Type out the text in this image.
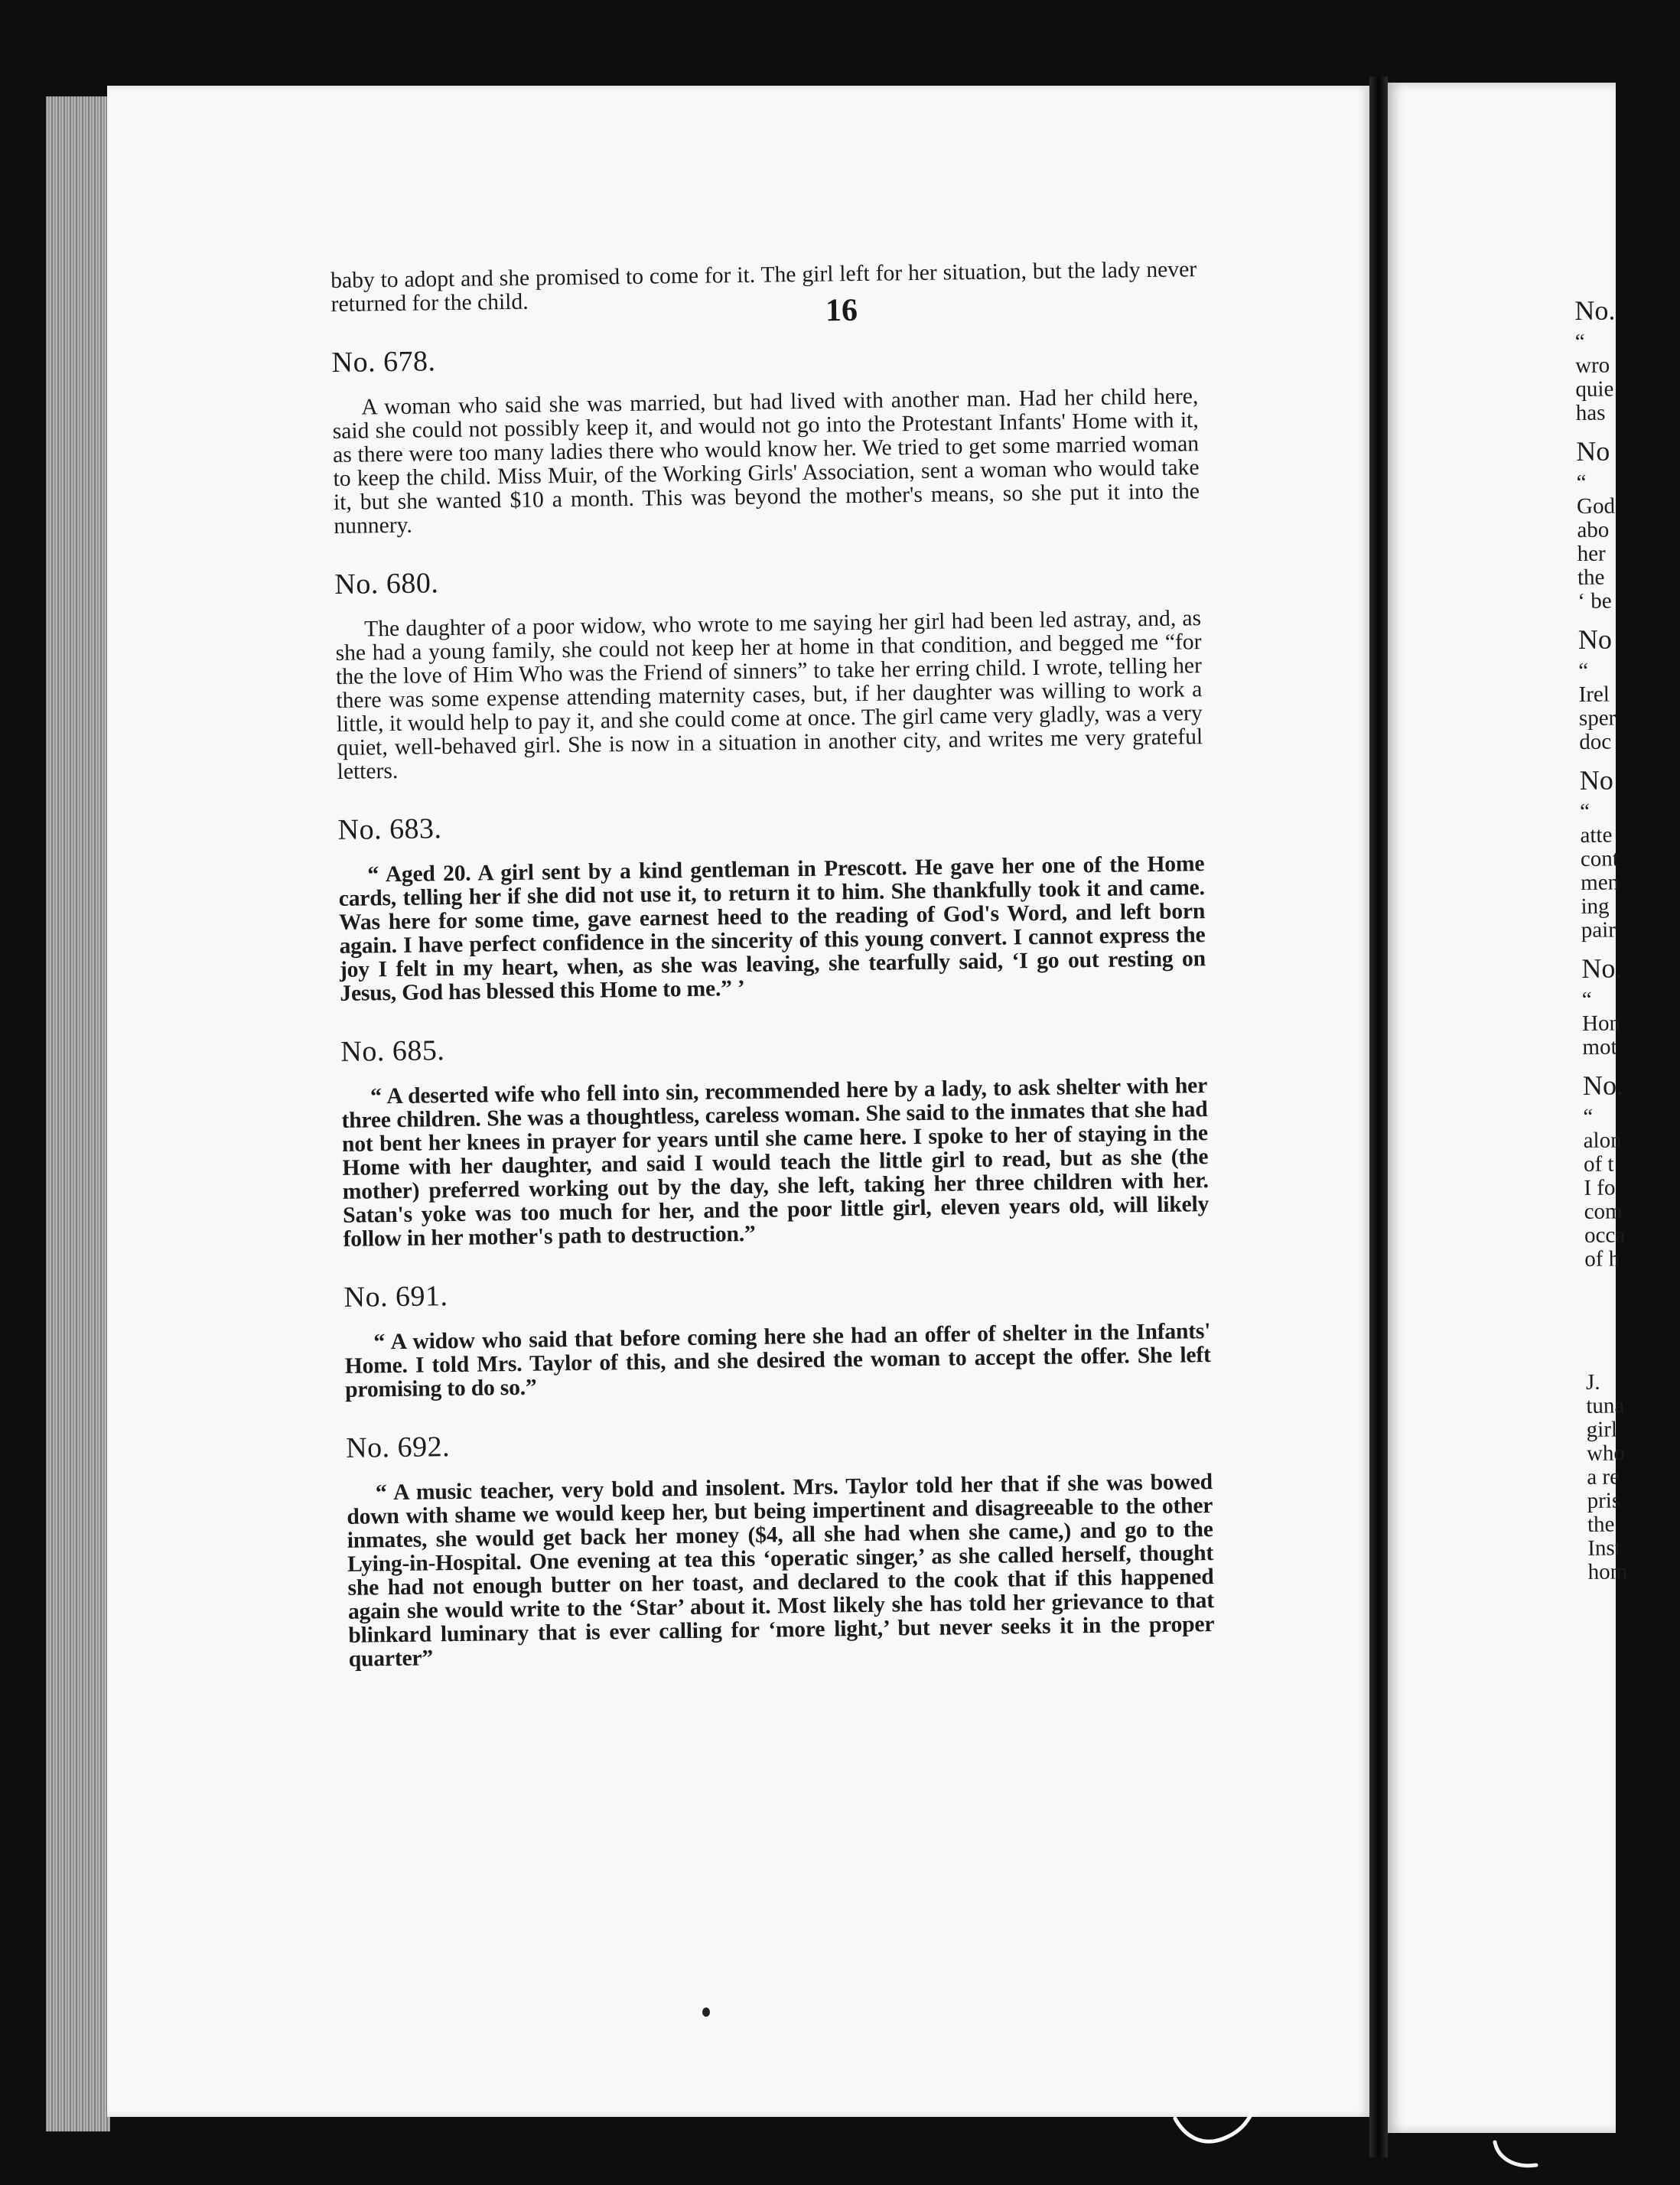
16

baby to adopt and she promised to come for it. The girl left for her situation, but the lady never returned for the child.

No. 678.

A woman who said she was married, but had lived with another man. Had her child here, said she could not possibly keep it, and would not go into the Protestant Infants' Home with it, as there were too many ladies there who would know her. We tried to get some married woman to keep the child. Miss Muir, of the Working Girls' Association, sent a woman who would take it, but she wanted $10 a month. This was beyond the mother's means, so she put it into the nunnery.

No. 680.

The daughter of a poor widow, who wrote to me saying her girl had been led astray, and, as she had a young family, she could not keep her at home in that condition, and begged me “for the the love of Him Who was the Friend of sinners” to take her erring child. I wrote, telling her there was some expense attending maternity cases, but, if her daughter was willing to work a little, it would help to pay it, and she could come at once. The girl came very gladly, was a very quiet, well-behaved girl. She is now in a situation in another city, and writes me very grateful letters.

No. 683.

“ Aged 20. A girl sent by a kind gentleman in Prescott. He gave her one of the Home cards, telling her if she did not use it, to return it to him. She thankfully took it and came. Was here for some time, gave earnest heed to the reading of God's Word, and left born again. I have perfect confidence in the sincerity of this young convert. I cannot express the joy I felt in my heart, when, as she was leaving, she tearfully said, ‘I go out resting on Jesus, God has blessed this Home to me.” ’

No. 685.

“ A deserted wife who fell into sin, recommended here by a lady, to ask shelter with her three children. She was a thoughtless, careless woman. She said to the inmates that she had not bent her knees in prayer for years until she came here. I spoke to her of staying in the Home with her daughter, and said I would teach the little girl to read, but as she (the mother) preferred working out by the day, she left, taking her three children with her. Satan's yoke was too much for her, and the poor little girl, eleven years old, will likely follow in her mother's path to destruction.”

No. 691.

“ A widow who said that before coming here she had an offer of shelter in the Infants' Home. I told Mrs. Taylor of this, and she desired the woman to accept the offer. She left promising to do so.”

No. 692.

“ A music teacher, very bold and insolent. Mrs. Taylor told her that if she was bowed down with shame we would keep her, but being impertinent and disagreeable to the other inmates, she would get back her money ($4, all she had when she came,) and go to the Lying-in-Hospital. One evening at tea this ‘operatic singer,’ as she called herself, thought she had not enough butter on her toast, and declared to the cook that if this happened again she would write to the ‘Star’ about it. Most likely she has told her grievance to that blinkard luminary that is ever calling for ‘more light,’ but never seeks it in the proper quarter”

No.
“
wro
quie
has
No
“
God
abo
her
the
‘ be
No
“
Irel
sper
doc
No
“
atte
cont
men
ing
pair
No.
“
Hon
mot
No.
“
alon
of t
I fo
com
occa
of h
J.
tuna
girl
who
a re
pris
the
Inst
hom
